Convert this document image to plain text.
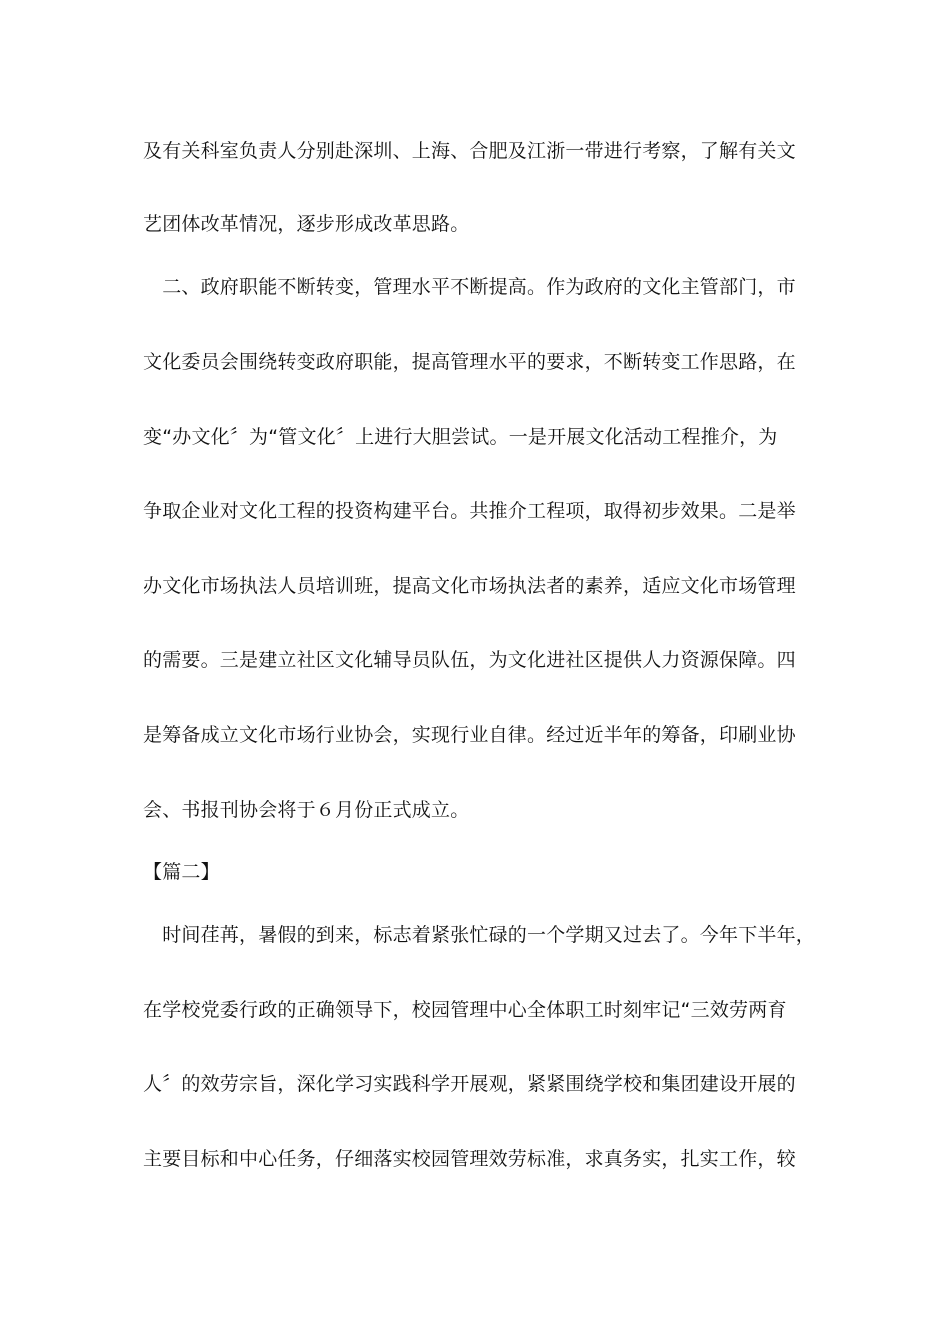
及有关科室负责人分别赴深圳、上海、合肥及江浙一带进行考察，了解有关文
艺团体改革情况，逐步形成改革思路。
　二、政府职能不断转变，管理水平不断提高。作为政府的文化主管部门，市
文化委员会围绕转变政府职能，提高管理水平的要求，不断转变工作思路，在
变“办文化〞为“管文化〞上进行大胆尝试。一是开展文化活动工程推介，为
争取企业对文化工程的投资构建平台。共推介工程项，取得初步效果。二是举
办文化市场执法人员培训班，提高文化市场执法者的素养，适应文化市场管理
的需要。三是建立社区文化辅导员队伍，为文化进社区提供人力资源保障。四
是筹备成立文化市场行业协会，实现行业自律。经过近半年的筹备，印刷业协
会、书报刊协会将于６月份正式成立。
【篇二】
　时间荏苒，暑假的到来，标志着紧张忙碌的一个学期又过去了。今年下半年，
在学校党委行政的正确领导下，校园管理中心全体职工时刻牢记“三效劳两育
人〞的效劳宗旨，深化学习实践科学开展观，紧紧围绕学校和集团建设开展的
主要目标和中心任务，仔细落实校园管理效劳标准，求真务实，扎实工作，较
